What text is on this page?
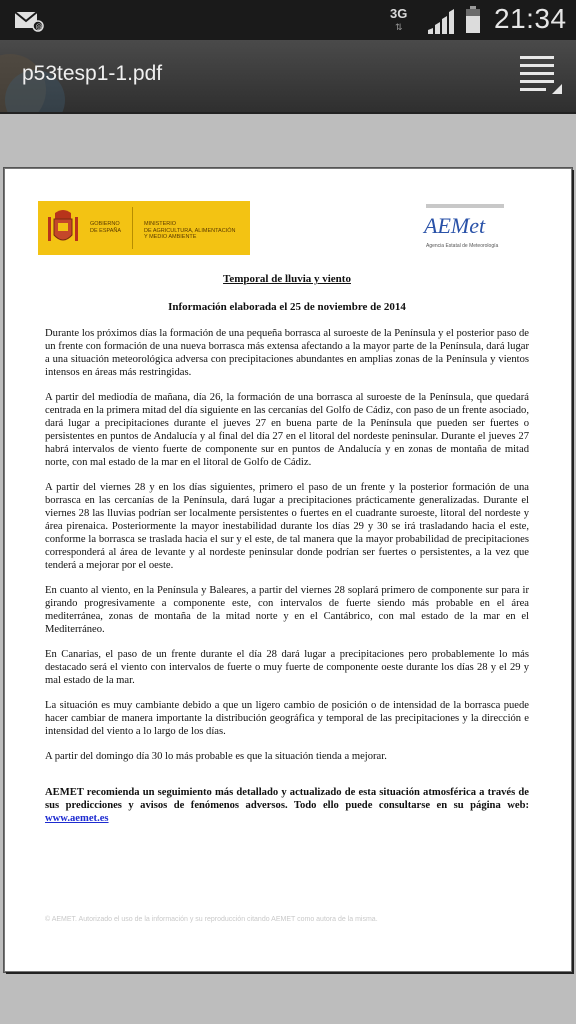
@
3G
⇅	21:34
p53tesp1-1.pdf
GOBIERNO
DE ESPAÑA
MINISTERIO
DE AGRICULTURA, ALIMENTACIÓN
Y MEDIO AMBIENTE	AEMet
Agencia Estatal de Meteorología
Temporal de lluvia y viento
Información elaborada el 25 de noviembre de 2014

Durante los próximos días la formación de una pequeña borrasca al suroeste de la Península y el posterior paso de un frente con formación de una nueva borrasca más extensa afectando a la mayor parte de la Península, dará lugar a una situación meteorológica adversa con precipitaciones abundantes en amplias zonas de la Península y vientos intensos en áreas más restringidas.

A partir del mediodía de mañana, día 26, la formación de una borrasca al suroeste de la Península, que quedará centrada en la primera mitad del día siguiente en las cercanías del Golfo de Cádiz, con paso de un frente asociado, dará lugar a precipitaciones durante el jueves 27 en buena parte de la Península que pueden ser fuertes o persistentes en puntos de Andalucía y al final del día 27 en el litoral del nordeste peninsular. Durante el jueves 27 habrá intervalos de viento fuerte de componente sur en puntos de Andalucía y en zonas de montaña de mitad norte, con mal estado de la mar en el litoral de Golfo de Cádiz.

A partir del viernes 28 y en los días siguientes, primero el paso de un frente y la posterior formación de una borrasca en las cercanías de la Península, dará lugar a precipitaciones prácticamente generalizadas. Durante el viernes 28 las lluvias podrían ser localmente persistentes o fuertes en el cuadrante suroeste, litoral del nordeste y área pirenaica. Posteriormente la mayor inestabilidad durante los días 29 y 30 se irá trasladando hacia el este, conforme la borrasca se traslada hacia el sur y el este, de tal manera que la mayor probabilidad de precipitaciones corresponderá al área de levante y al nordeste peninsular donde podrían ser fuertes o persistentes, a la vez que tenderá a mejorar por el oeste.

En cuanto al viento, en la Península y Baleares, a partir del viernes 28 soplará primero de componente sur para ir girando progresivamente a componente este, con intervalos de fuerte siendo más probable en el área mediterránea, zonas de montaña de la mitad norte y en el Cantábrico, con mal estado de la mar en el Mediterráneo.

En Canarias, el paso de un frente durante el día 28 dará lugar a precipitaciones pero probablemente lo más destacado será el viento con intervalos de fuerte o muy fuerte de componente oeste durante los días 28 y el 29 y mal estado de la mar.

La situación es muy cambiante debido a que un ligero cambio de posición o de intensidad de la borrasca puede hacer cambiar de manera importante la distribución geográfica y temporal de las precipitaciones y la dirección e intensidad del viento a lo largo de los días.

A partir del domingo día 30 lo más probable es que la situación tienda a mejorar.

AEMET recomienda un seguimiento más detallado y actualizado de esta situación atmosférica a través de sus predicciones y avisos de fenómenos adversos. Todo ello puede consultarse en su página web: www.aemet.es

© AEMET. Autorizado el uso de la información y su reproducción citando AEMET como autora de la misma.
